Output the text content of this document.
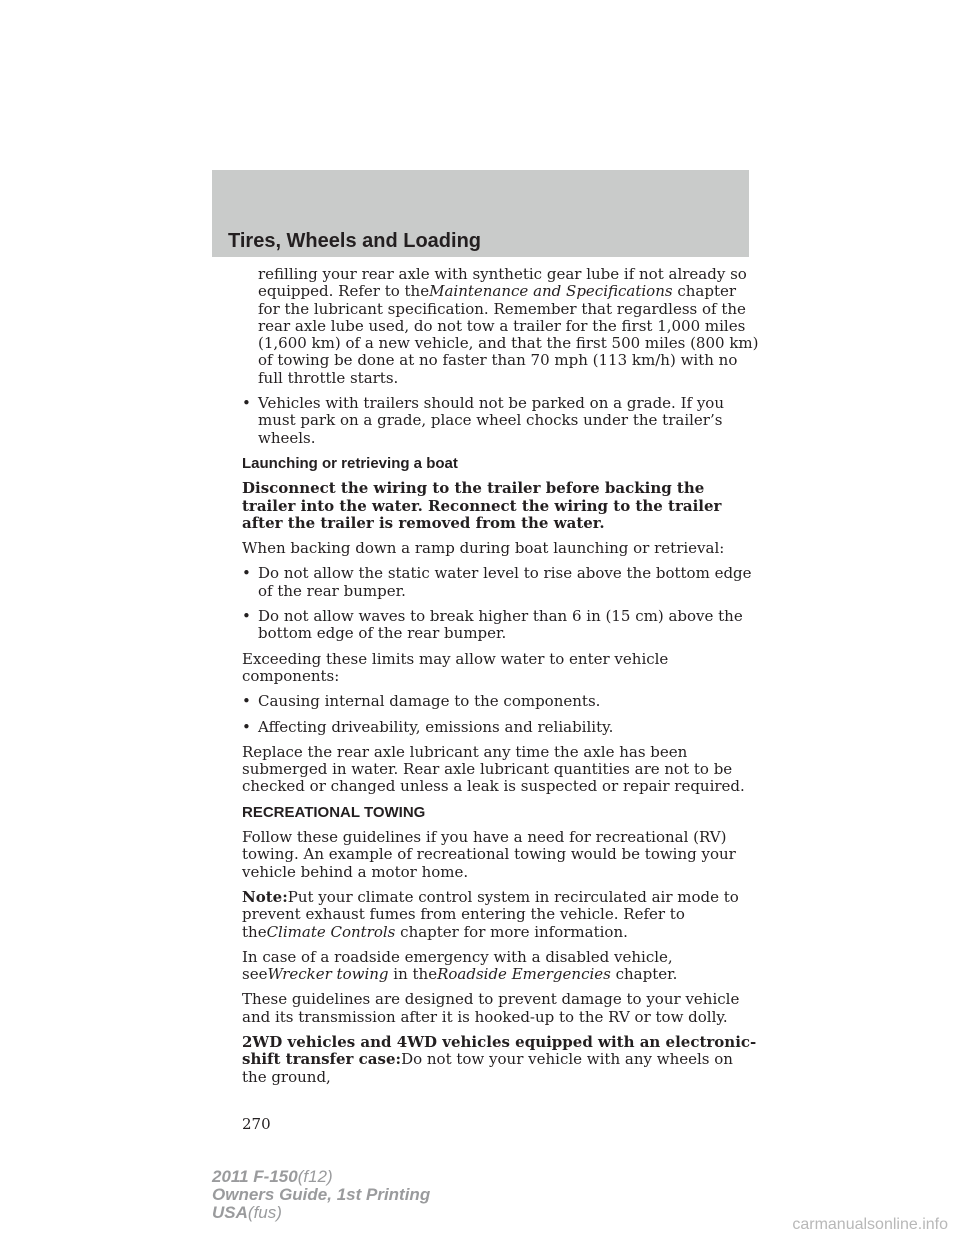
Tires, Wheels and Loading

refilling your rear axle with synthetic gear lube if not already so equipped. Refer to theMaintenance and Specifications chapter for the lubricant specification. Remember that regardless of the rear axle lube used, do not tow a trailer for the first 1,000 miles (1,600 km) of a new vehicle, and that the first 500 miles (800 km) of towing be done at no faster than 70 mph (113 km/h) with no full throttle starts.

• Vehicles with trailers should not be parked on a grade. If you must park on a grade, place wheel chocks under the trailer’s wheels.
Launching or retrieving a boat

Disconnect the wiring to the trailer before backing the trailer into the water. Reconnect the wiring to the trailer after the trailer is removed from the water.

When backing down a ramp during boat launching or retrieval:

• Do not allow the static water level to rise above the bottom edge of the rear bumper.
• Do not allow waves to break higher than 6 in (15 cm) above the bottom edge of the rear bumper.

Exceeding these limits may allow water to enter vehicle components:

• Causing internal damage to the components.
• Affecting driveability, emissions and reliability.

Replace the rear axle lubricant any time the axle has been submerged in water. Rear axle lubricant quantities are not to be checked or changed unless a leak is suspected or repair required.

RECREATIONAL TOWING

Follow these guidelines if you have a need for recreational (RV) towing. An example of recreational towing would be towing your vehicle behind a motor home.

Note:Put your climate control system in recirculated air mode to prevent exhaust fumes from entering the vehicle. Refer to theClimate Controls chapter for more information.

In case of a roadside emergency with a disabled vehicle, seeWrecker towing in theRoadside Emergencies chapter.

These guidelines are designed to prevent damage to your vehicle and its transmission after it is hooked-up to the RV or tow dolly.

2WD vehicles and 4WD vehicles equipped with an electronic-shift transfer case:Do not tow your vehicle with any wheels on the ground,

270
2011 F-150(f12)
Owners Guide, 1st Printing
USA(fus)
carmanualsonline.info
